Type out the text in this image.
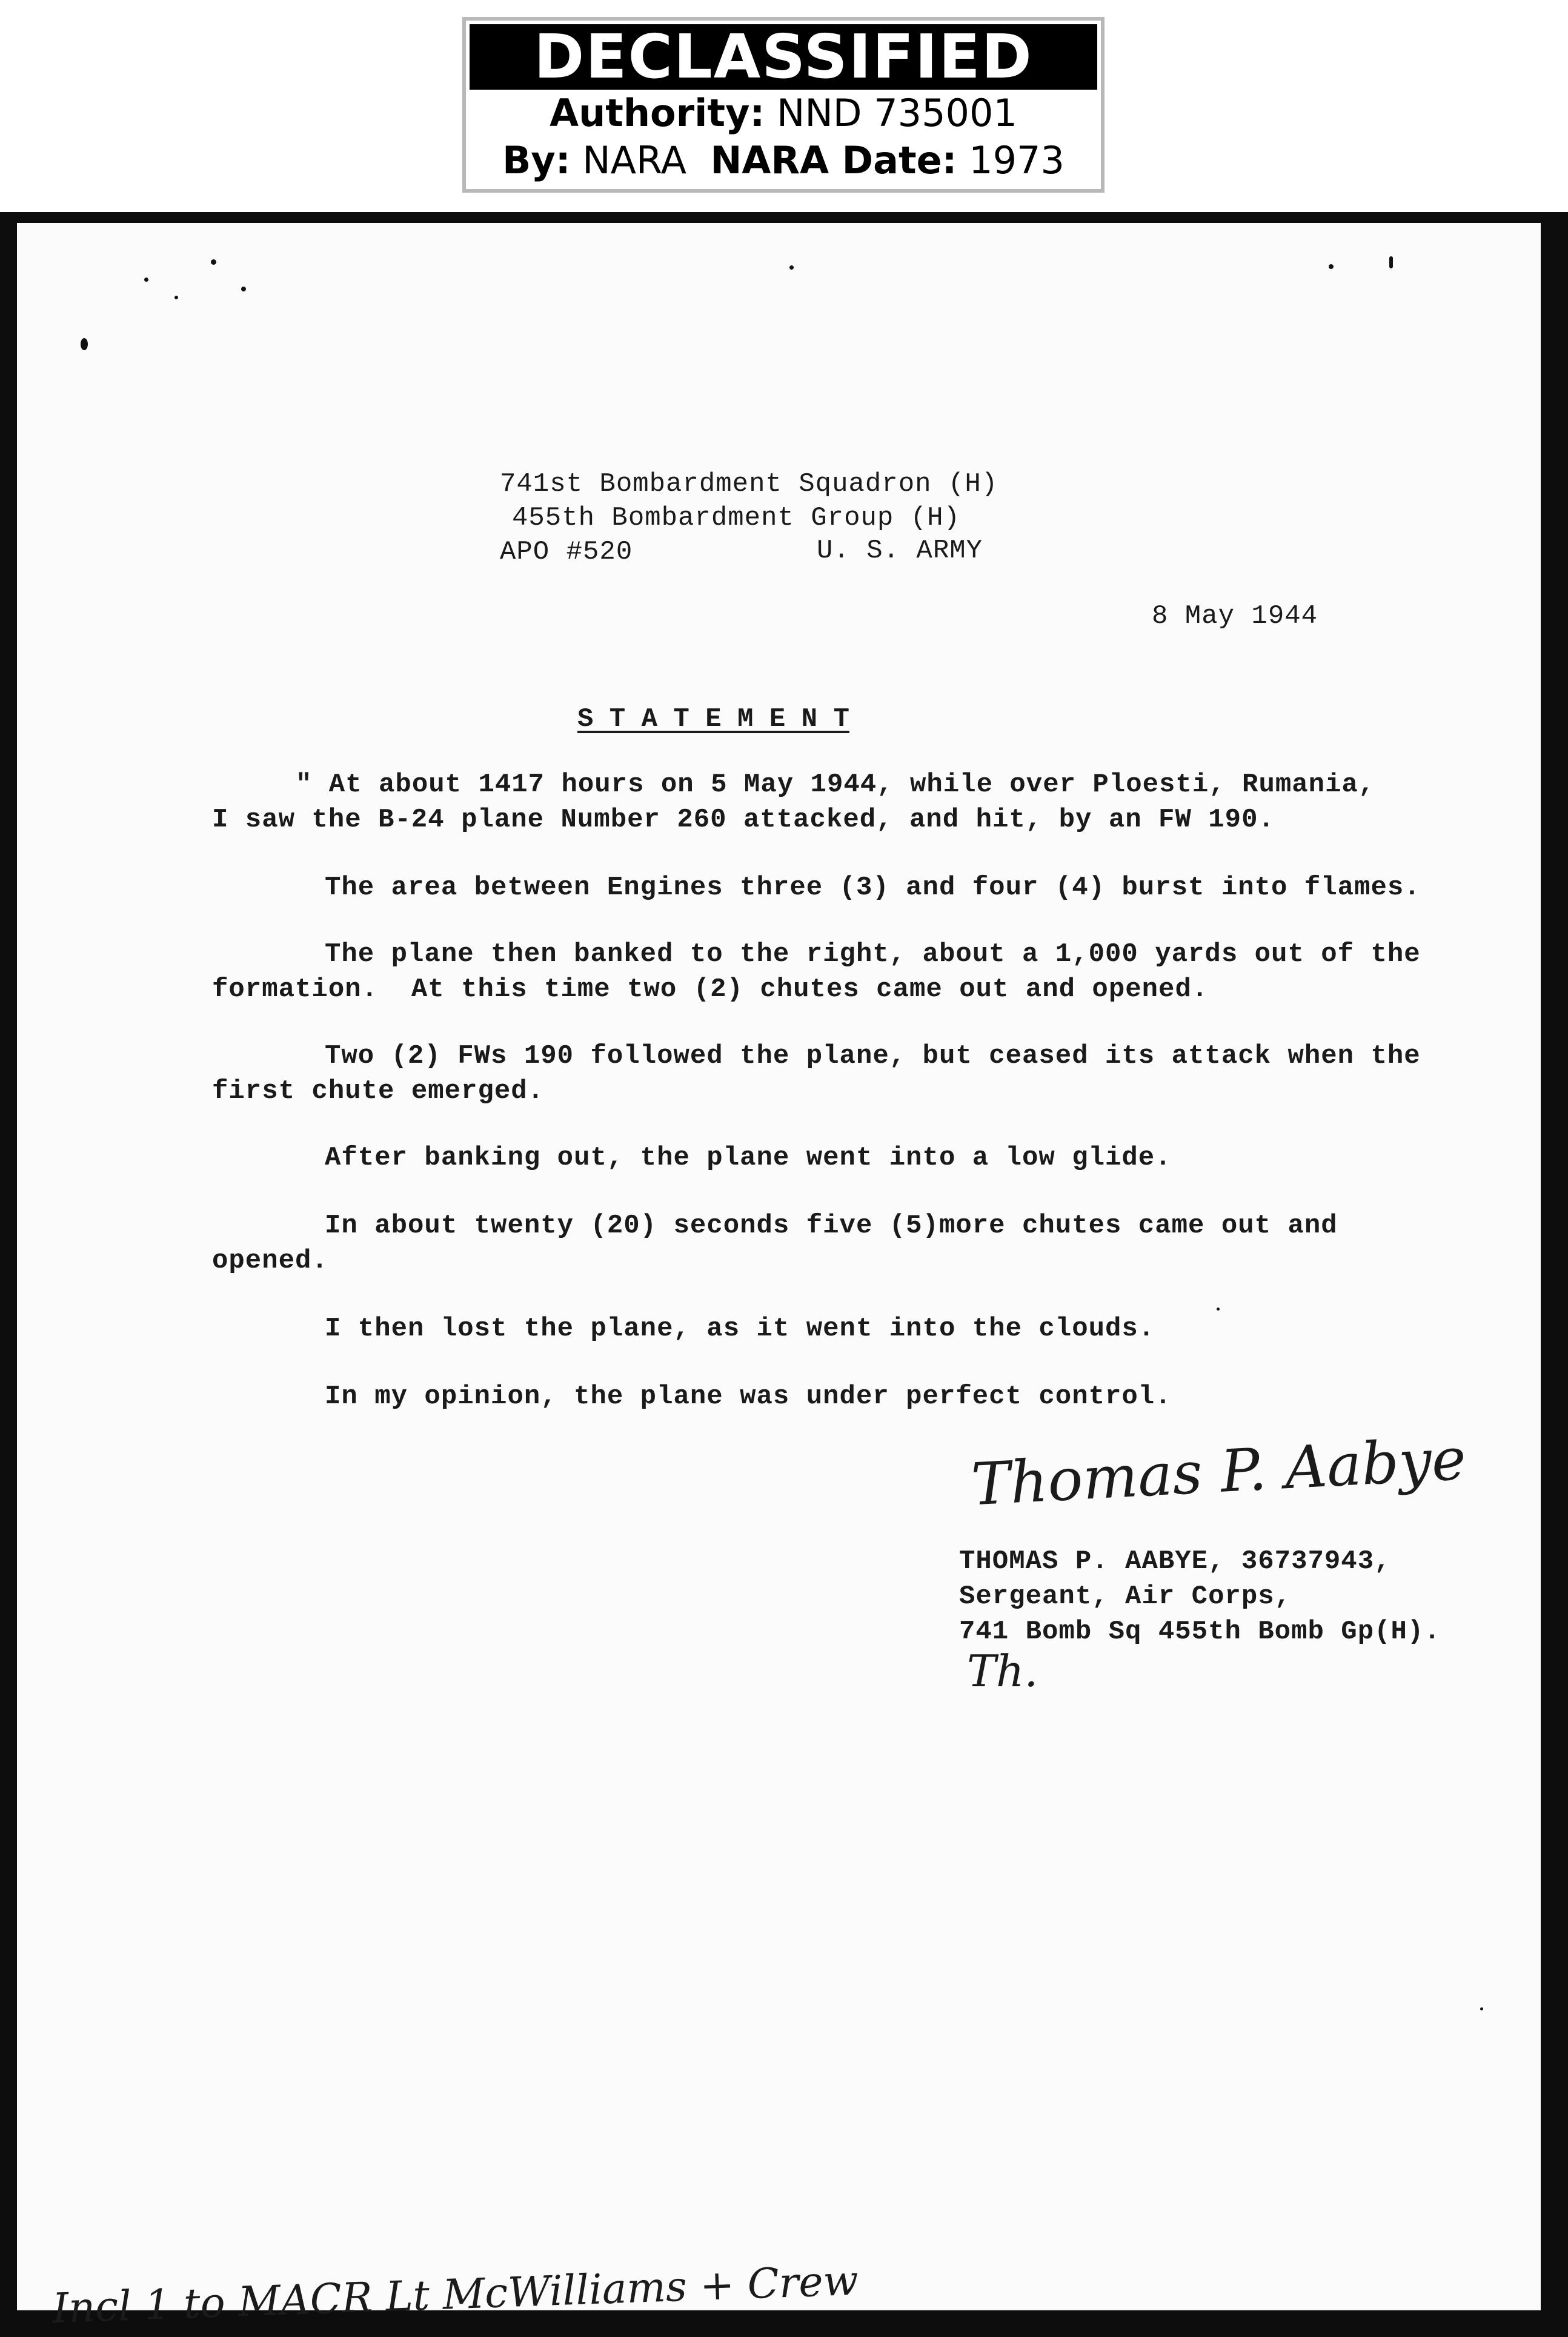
DECLASSIFIED
Authority: NND 735001
By: NARA NARA Date: 1973
741st Bombardment Squadron (H)
455th Bombardment Group (H)
APO #520	U. S. ARMY
8 May 1944
S T A T E M E N T
" At about 1417 hours on 5 May 1944, while over Ploesti, Rumania,
I saw the B-24 plane Number 260 attacked, and hit, by an FW 190.
The area between Engines three (3) and four (4) burst into flames.
The plane then banked to the right, about a 1,000 yards out of the
formation.  At this time two (2) chutes came out and opened.
Two (2) FWs 190 followed the plane, but ceased its attack when the
first chute emerged.
After banking out, the plane went into a low glide.
In about twenty (20) seconds five (5)more chutes came out and
opened.
I then lost the plane, as it went into the clouds.
In my opinion, the plane was under perfect control.
Thomas P. Aabye
THOMAS P. AABYE, 36737943,
Sergeant, Air Corps,
741 Bomb Sq 455th Bomb Gp(H).
Th.
Incl 1 to MACR Lt McWilliams + Crew
